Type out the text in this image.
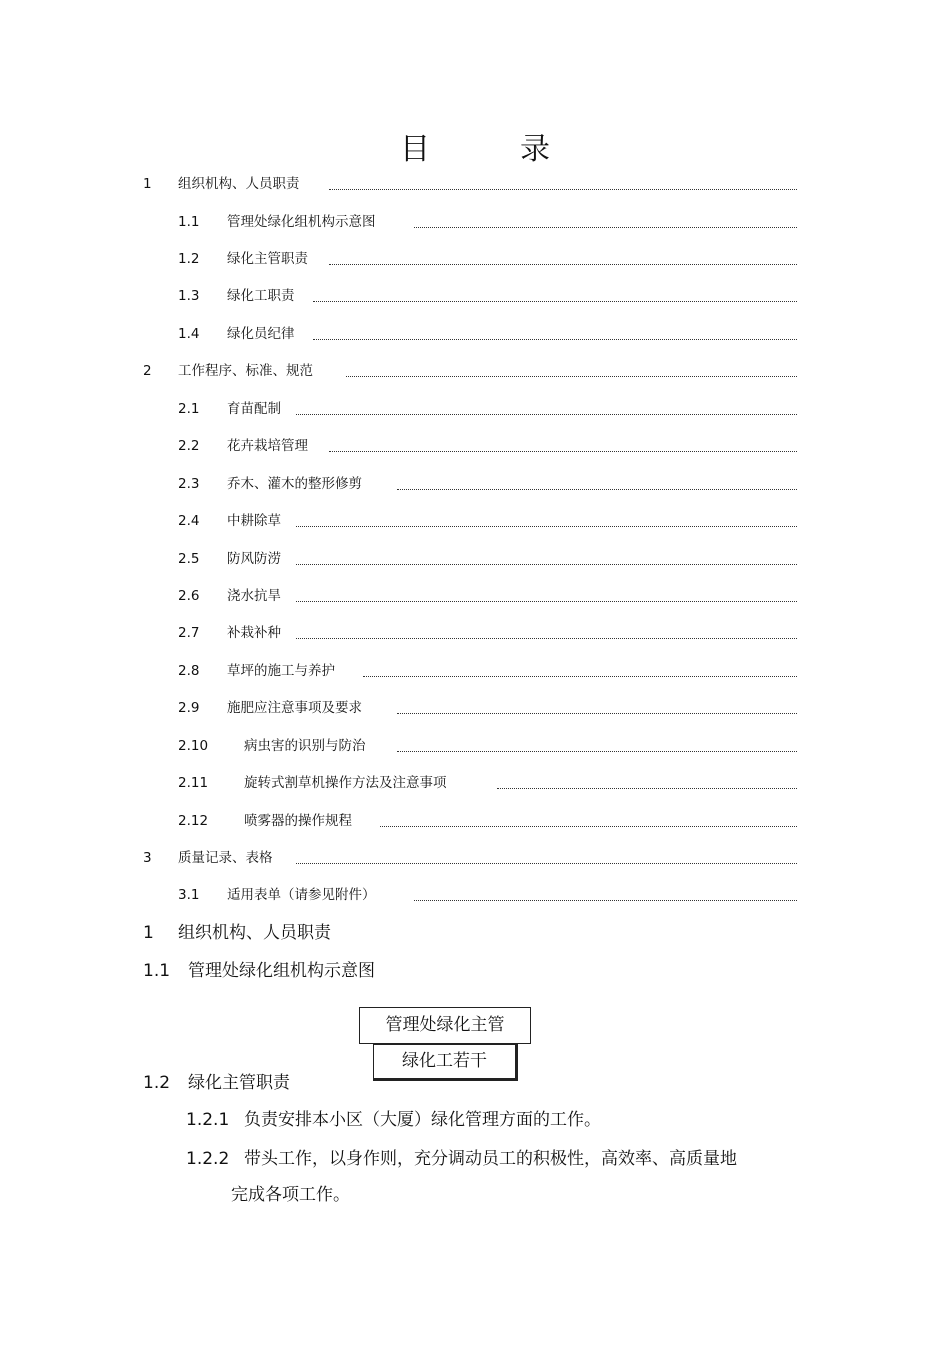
目　录
1 组织机构、人员职责
1.1 管理处绿化组机构示意图
1.2 绿化主管职责
1.3 绿化工职责
1.4 绿化员纪律
2 工作程序、标准、规范
2.1 育苗配制
2.2 花卉栽培管理
2.3 乔木、灌木的整形修剪
2.4 中耕除草
2.5 防风防涝
2.6 浇水抗旱
2.7 补栽补种
2.8 草坪的施工与养护
2.9 施肥应注意事项及要求
2.10	病虫害的识别与防治
2.11	旋转式割草机操作方法及注意事项
2.12	喷雾器的操作规程
3 质量记录、表格
3.1 适用表单（请参见附件）
1 组织机构、人员职责
1.1 管理处绿化组机构示意图
管理处绿化主管
绿化工若干
1.2 绿化主管职责
1.2.1 负责安排本小区（大厦）绿化管理方面的工作。
1.2.2 带头工作，以身作则，充分调动员工的积极性，高效率、高质量地
完成各项工作。
